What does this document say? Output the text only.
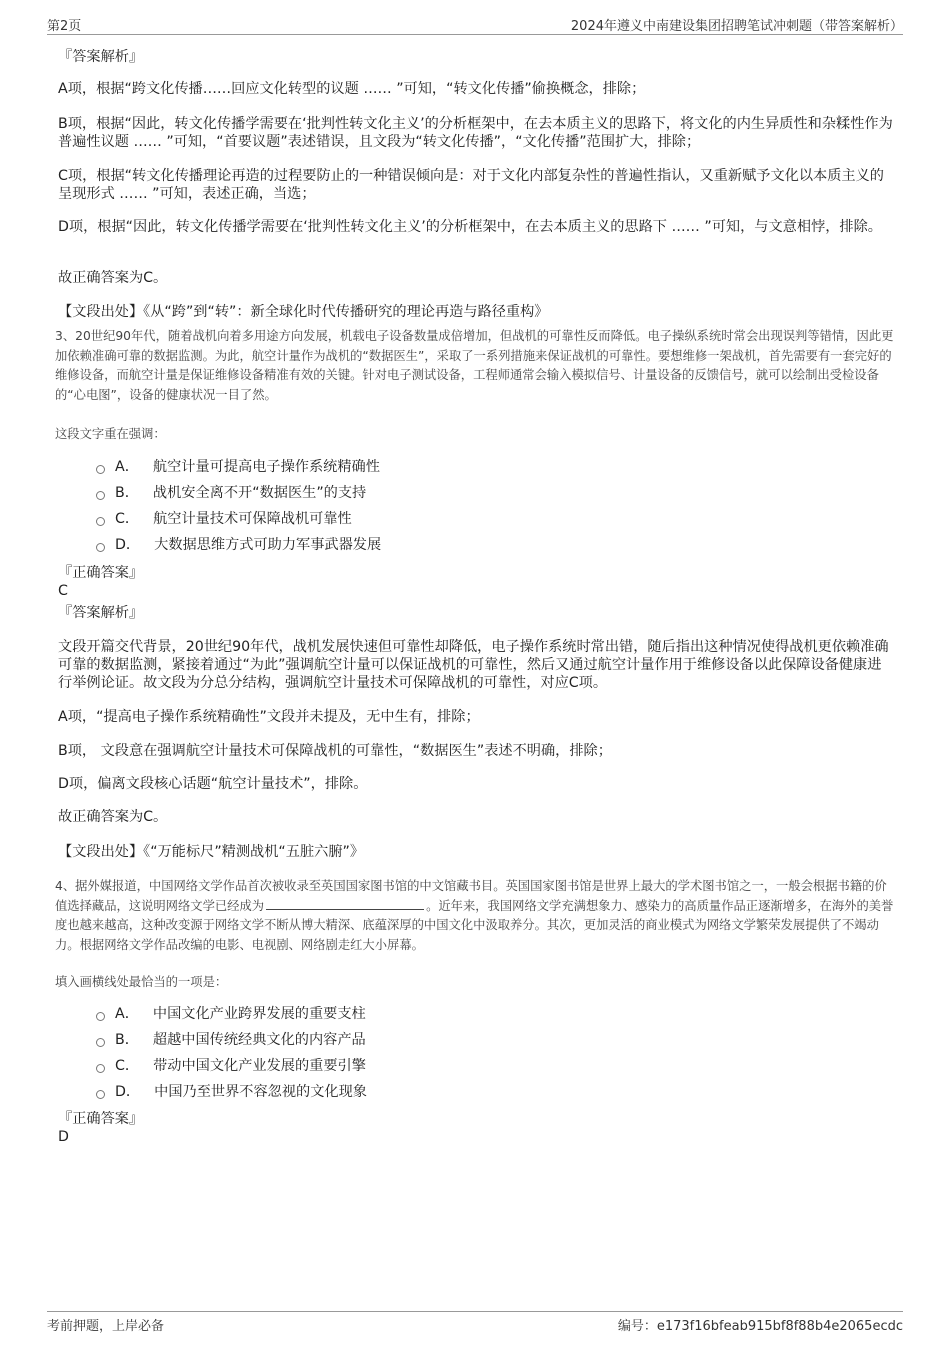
第2页	2024年遵义中南建设集团招聘笔试冲刺题（带答案解析）
『答案解析』

A项，根据“跨文化传播……回应文化转型的议题 …… ”可知，“转文化传播”偷换概念，排除；

B项，根据“因此，转文化传播学需要在‘批判性转文化主义’的分析框架中，在去本质主义的思路下，将文化的内生异质性和杂糅性作为普遍性议题 …… ”可知，“首要议题”表述错误，且文段为“转文化传播”，“文化传播”范围扩大，排除；

C项，根据“转文化传播理论再造的过程要防止的一种错误倾向是：对于文化内部复杂性的普遍性指认，又重新赋予文化以本质主义的呈现形式 …… ”可知，表述正确，当选；

D项，根据“因此，转文化传播学需要在‘批判性转文化主义’的分析框架中，在去本质主义的思路下 …… ”可知，与文意相悖，排除。

故正确答案为C。

【文段出处】《从“跨”到“转”：新全球化时代传播研究的理论再造与路径重构》

3、20世纪90年代，随着战机向着多用途方向发展，机载电子设备数量成倍增加，但战机的可靠性反而降低。电子操纵系统时常会出现误判等错情，因此更加依赖准确可靠的数据监测。为此，航空计量作为战机的“数据医生”，采取了一系列措施来保证战机的可靠性。要想维修一架战机，首先需要有一套完好的维修设备，而航空计量是保证维修设备精准有效的关键。针对电子测试设备，工程师通常会输入模拟信号、计量设备的反馈信号，就可以绘制出受检设备的“心电图”，设备的健康状况一目了然。

这段文字重在强调：

A． 航空计量可提高电子操作系统精确性
B． 战机安全离不开“数据医生”的支持
C． 航空计量技术可保障战机可靠性
D． 大数据思维方式可助力军事武器发展
『正确答案』
C
『答案解析』

文段开篇交代背景，20世纪90年代，战机发展快速但可靠性却降低，电子操作系统时常出错，随后指出这种情况使得战机更依赖准确可靠的数据监测，紧接着通过“为此”强调航空计量可以保证战机的可靠性，然后又通过航空计量作用于维修设备以此保障设备健康进行举例论证。故文段为分总分结构，强调航空计量技术可保障战机的可靠性，对应C项。

A项，“提高电子操作系统精确性”文段并未提及，无中生有，排除；

B项， 文段意在强调航空计量技术可保障战机的可靠性，“数据医生”表述不明确，排除；

D项，偏离文段核心话题“航空计量技术”，排除。

故正确答案为C。

【文段出处】《“万能标尺”精测战机“五脏六腑”》

4、据外媒报道，中国网络文学作品首次被收录至英国国家图书馆的中文馆藏书目。英国国家图书馆是世界上最大的学术图书馆之一，一般会根据书籍的价值选择藏品，这说明网络文学已经成为	。近年来，我国网络文学充满想象力、感染力的高质量作品正逐渐增多，在海外的美誉度也越来越高，这种改变源于网络文学不断从博大精深、底蕴深厚的中国文化中汲取养分。其次，更加灵活的商业模式为网络文学繁荣发展提供了不竭动力。根据网络文学作品改编的电影、电视剧、网络剧走红大小屏幕。

填入画横线处最恰当的一项是：

A． 中国文化产业跨界发展的重要支柱
B． 超越中国传统经典文化的内容产品
C． 带动中国文化产业发展的重要引擎
D． 中国乃至世界不容忽视的文化现象
『正确答案』
D
考前押题，上岸必备	编号：e173f16bfeab915bf8f88b4e2065ecdc
